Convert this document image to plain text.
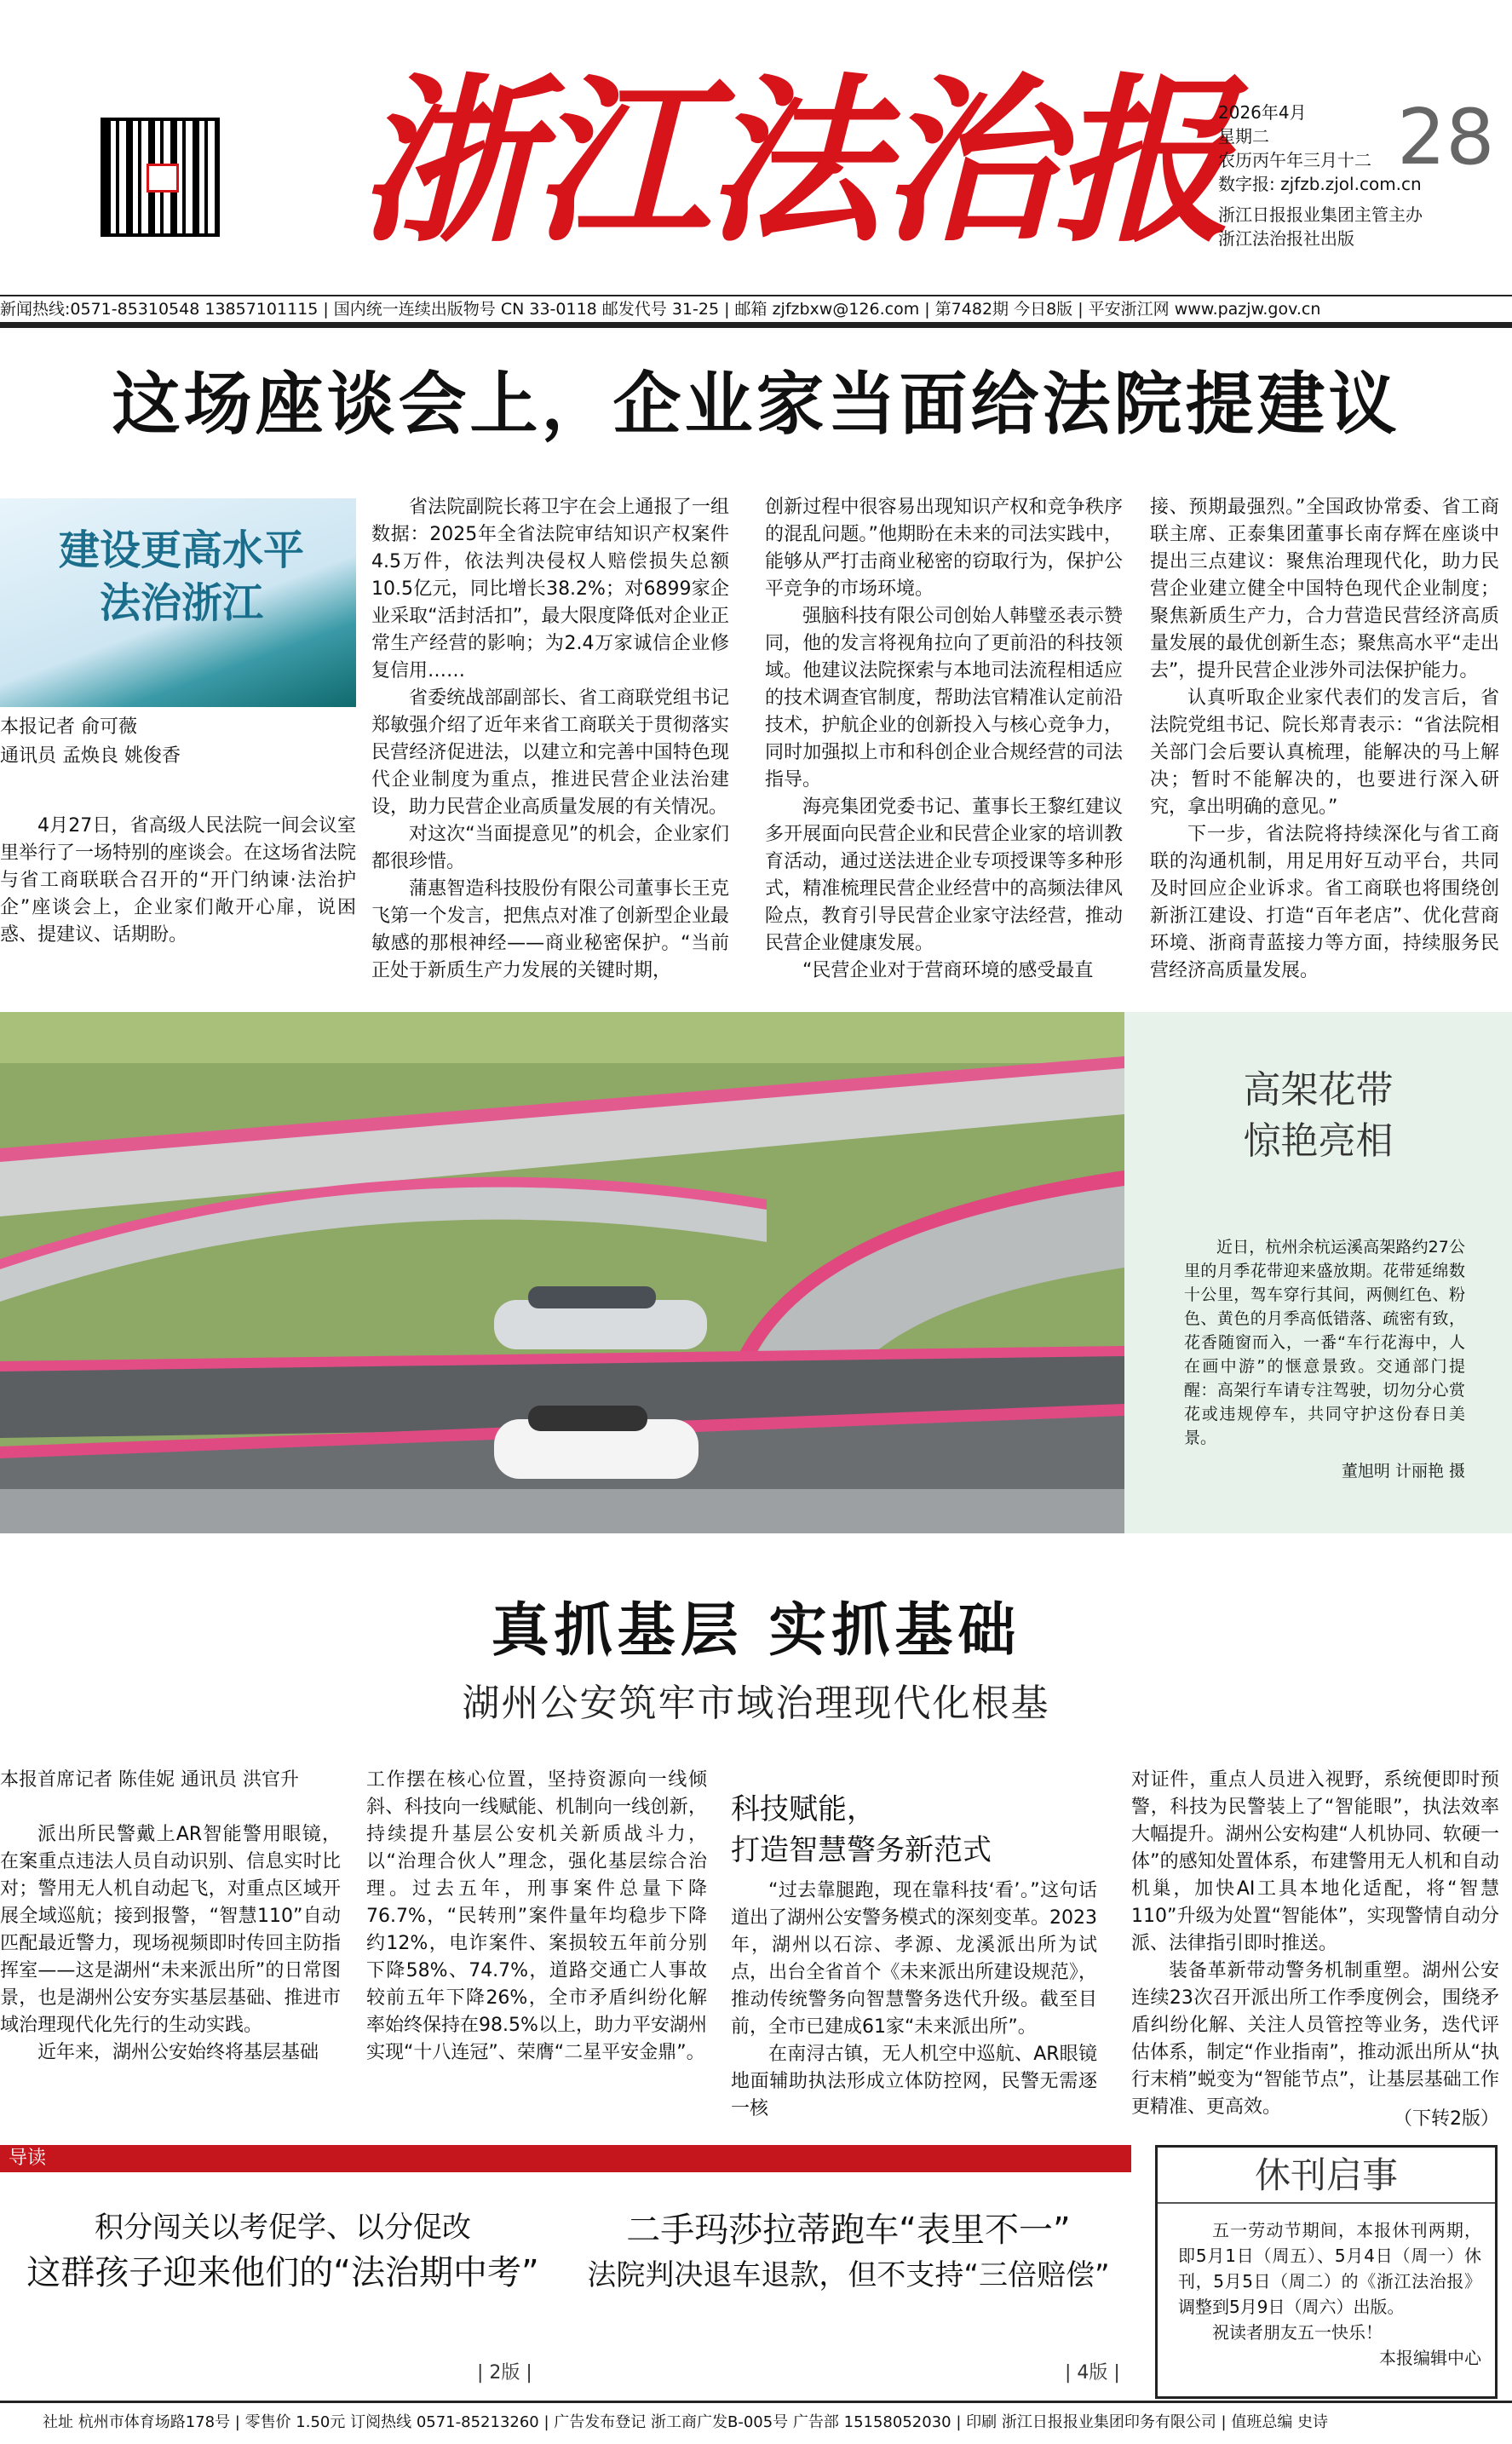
浙江法治报
2026年4月
星期二
农历丙午年三月十二
数字报: zjfzb.zjol.com.cn
浙江日报报业集团主管主办
浙江法治报社出版
28
新闻热线:0571-85310548 13857101115 | 国内统一连续出版物号 CN 33-0118 邮发代号 31-25 | 邮箱 zjfzbxw@126.com | 第7482期 今日8版 | 平安浙江网 www.pazjw.gov.cn
这场座谈会上，企业家当面给法院提建议
建设更高水平法治浙江
本报记者 俞可薇
通讯员 孟焕良 姚俊香

4月27日，省高级人民法院一间会议室里举行了一场特别的座谈会。在这场省法院与省工商联联合召开的“开门纳谏·法治护企”座谈会上，企业家们敞开心扉，说困惑、提建议、话期盼。

省法院副院长蒋卫宇在会上通报了一组数据：2025年全省法院审结知识产权案件4.5万件，依法判决侵权人赔偿损失总额10.5亿元，同比增长38.2%；对6899家企业采取“活封活扣”，最大限度降低对企业正常生产经营的影响；为2.4万家诚信企业修复信用……

省委统战部副部长、省工商联党组书记郑敏强介绍了近年来省工商联关于贯彻落实民营经济促进法，以建立和完善中国特色现代企业制度为重点，推进民营企业法治建设，助力民营企业高质量发展的有关情况。

对这次“当面提意见”的机会，企业家们都很珍惜。

蒲惠智造科技股份有限公司董事长王克飞第一个发言，把焦点对准了创新型企业最敏感的那根神经——商业秘密保护。“当前正处于新质生产力发展的关键时期，

创新过程中很容易出现知识产权和竞争秩序的混乱问题。”他期盼在未来的司法实践中，能够从严打击商业秘密的窃取行为，保护公平竞争的市场环境。

强脑科技有限公司创始人韩璧丞表示赞同，他的发言将视角拉向了更前沿的科技领域。他建议法院探索与本地司法流程相适应的技术调查官制度，帮助法官精准认定前沿技术，护航企业的创新投入与核心竞争力，同时加强拟上市和科创企业合规经营的司法指导。

海亮集团党委书记、董事长王黎红建议多开展面向民营企业和民营企业家的培训教育活动，通过送法进企业专项授课等多种形式，精准梳理民营企业经营中的高频法律风险点，教育引导民营企业家守法经营，推动民营企业健康发展。

“民营企业对于营商环境的感受最直

接、预期最强烈。”全国政协常委、省工商联主席、正泰集团董事长南存辉在座谈中提出三点建议：聚焦治理现代化，助力民营企业建立健全中国特色现代企业制度；聚焦新质生产力，合力营造民营经济高质量发展的最优创新生态；聚焦高水平“走出去”，提升民营企业涉外司法保护能力。

认真听取企业家代表们的发言后，省法院党组书记、院长郑青表示：“省法院相关部门会后要认真梳理，能解决的马上解决；暂时不能解决的，也要进行深入研究，拿出明确的意见。”

下一步，省法院将持续深化与省工商联的沟通机制，用足用好互动平台，共同及时回应企业诉求。省工商联也将围绕创新浙江建设、打造“百年老店”、优化营商环境、浙商青蓝接力等方面，持续服务民营经济高质量发展。

高架花带
惊艳亮相

近日，杭州余杭运溪高架路约27公里的月季花带迎来盛放期。花带延绵数十公里，驾车穿行其间，两侧红色、粉色、黄色的月季高低错落、疏密有致，花香随窗而入，一番“车行花海中，人在画中游”的惬意景致。交通部门提醒：高架行车请专注驾驶，切勿分心赏花或违规停车，共同守护这份春日美景。

董旭明 计丽艳 摄
真抓基层 实抓基础
湖州公安筑牢市域治理现代化根基
本报首席记者 陈佳妮 通讯员 洪官升

派出所民警戴上AR智能警用眼镜，在案重点违法人员自动识别、信息实时比对；警用无人机自动起飞，对重点区域开展全域巡航；接到报警，“智慧110”自动匹配最近警力，现场视频即时传回主防指挥室——这是湖州“未来派出所”的日常图景，也是湖州公安夯实基层基础、推进市域治理现代化先行的生动实践。

近年来，湖州公安始终将基层基础

工作摆在核心位置，坚持资源向一线倾斜、科技向一线赋能、机制向一线创新，持续提升基层公安机关新质战斗力，以“治理合伙人”理念，强化基层综合治理。过去五年，刑事案件总量下降76.7%，“民转刑”案件量年均稳步下降约12%，电诈案件、案损较五年前分别下降58%、74.7%，道路交通亡人事故较前五年下降26%，全市矛盾纠纷化解率始终保持在98.5%以上，助力平安湖州实现“十八连冠”、荣膺“二星平安金鼎”。

科技赋能，
打造智慧警务新范式

“过去靠腿跑，现在靠科技‘看’。”这句话道出了湖州公安警务模式的深刻变革。2023年，湖州以石淙、孝源、龙溪派出所为试点，出台全省首个《未来派出所建设规范》，推动传统警务向智慧警务迭代升级。截至目前，全市已建成61家“未来派出所”。

在南浔古镇，无人机空中巡航、AR眼镜地面辅助执法形成立体防控网，民警无需逐一核

对证件，重点人员进入视野，系统便即时预警，科技为民警装上了“智能眼”，执法效率大幅提升。湖州公安构建“人机协同、软硬一体”的感知处置体系，布建警用无人机和自动机巢，加快AI工具本地化适配，将“智慧110”升级为处置“智能体”，实现警情自动分派、法律指引即时推送。

装备革新带动警务机制重塑。湖州公安连续23次召开派出所工作季度例会，围绕矛盾纠纷化解、关注人员管控等业务，迭代评估体系，制定“作业指南”，推动派出所从“执行末梢”蜕变为“智能节点”，让基层基础工作更精准、更高效。

（下转2版）
导读
积分闯关以考促学、以分促改
这群孩子迎来他们的“法治期中考”
| 2版 |
二手玛莎拉蒂跑车“表里不一”
法院判决退车退款，但不支持“三倍赔偿”
| 4版 |
休刊启事

五一劳动节期间，本报休刊两期，即5月1日（周五）、5月4日（周一）休刊，5月5日（周二）的《浙江法治报》调整到5月9日（周六）出版。

祝读者朋友五一快乐！

本报编辑中心

社址 杭州市体育场路178号 | 零售价 1.50元 订阅热线 0571-85213260 | 广告发布登记 浙工商广发B-005号 广告部 15158052030 | 印刷 浙江日报报业集团印务有限公司 | 值班总编 史诗
